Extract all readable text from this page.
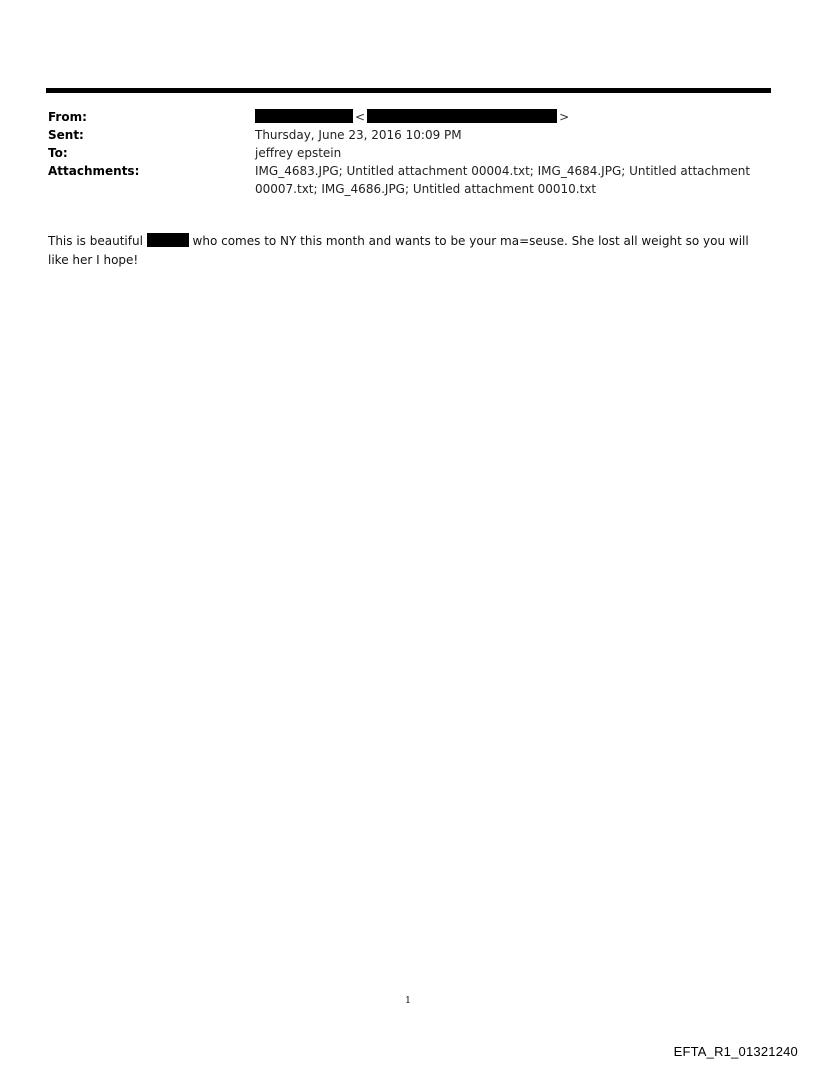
From:	<	>
Sent:	Thursday, June 23, 2016 10:09 PM
To:	jeffrey epstein
Attachments:	IMG_4683.JPG; Untitled attachment 00004.txt; IMG_4684.JPG; Untitled attachment
00007.txt; IMG_4686.JPG; Untitled attachment 00010.txt
This is beautiful	who comes to NY this month and wants to be your ma=seuse. She lost all weight so you will like her I hope!
1
EFTA_R1_01321240
